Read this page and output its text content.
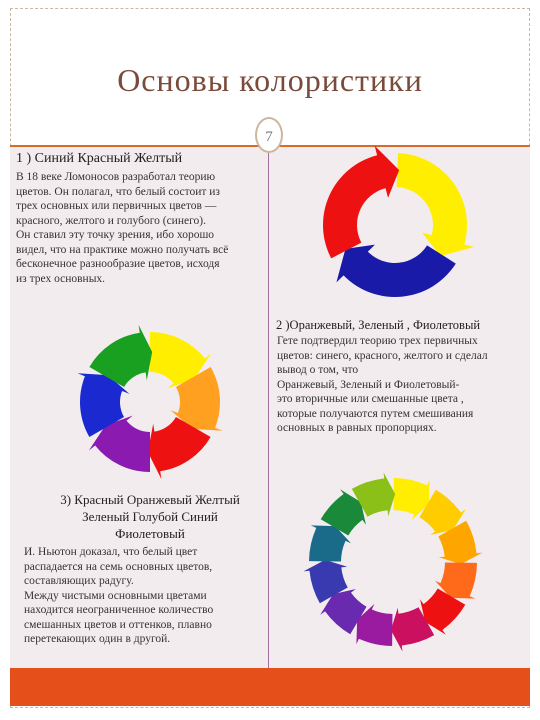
Основы колористики
7
1 ) Синий Красный Желтый
В 18 веке Ломоносов разработал теорию
цветов. Он полагал, что белый состоит из
трех основных или первичных цветов —
красного, желтого и голубого (синего).
Он ставил эту точку зрения, ибо хорошо
видел, что на практике можно получать всё
бесконечное разнообразие цветов, исходя
из трех основных.
2 )Оранжевый, Зеленый , Фиолетовый
Гете подтвердил теорию трех первичных
цветов: синего, красного, желтого и сделал
вывод о том, что
Оранжевый, Зеленый и Фиолетовый-
это вторичные или смешанные цвета ,
которые получаются путем смешивания
основных в равных пропорциях.
3) Красный Оранжевый Желтый
Зеленый Голубой Синий
Фиолетовый
И. Ньютон доказал, что белый цвет
распадается на семь основных цветов,
составляющих радугу.
Между чистыми основными цветами
находится неограниченное количество
смешанных цветов и оттенков, плавно
перетекающих один в другой.
